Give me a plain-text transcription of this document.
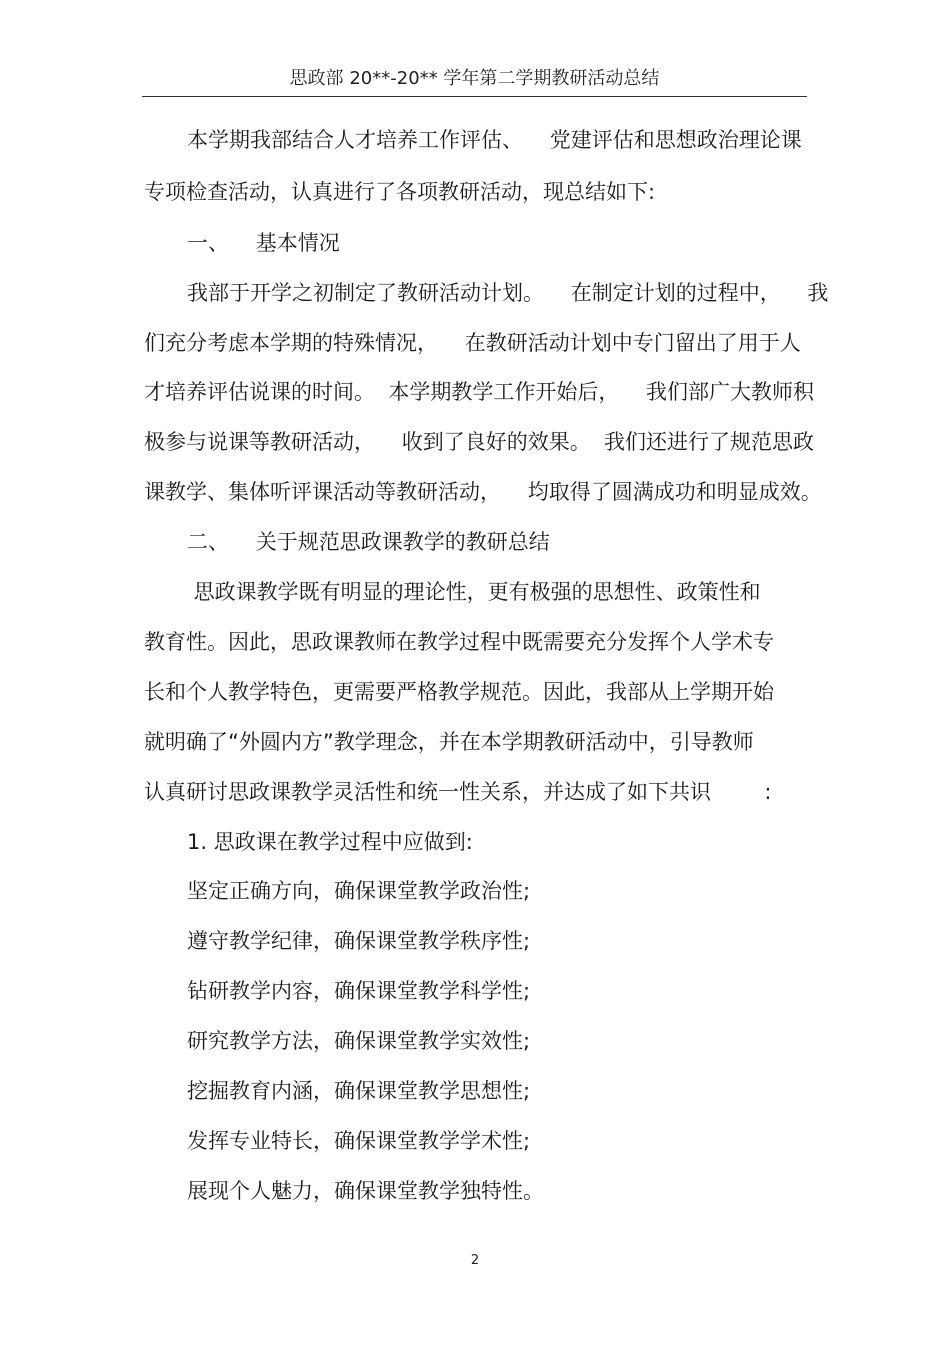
思政部 20**-20** 学年第二学期教研活动总结
本学期我部结合人才培养工作评估、    党建评估和思想政治理论课
专项检查活动，认真进行了各项教研活动，现总结如下:
一、    基本情况
我部于开学之初制定了教研活动计划。    在制定计划的过程中，    我
们充分考虑本学期的特殊情况，    在教研活动计划中专门留出了用于人
才培养评估说课的时间。  本学期教学工作开始后，    我们部广大教师积
极参与说课等教研活动，    收到了良好的效果。  我们还进行了规范思政
课教学、集体听评课活动等教研活动，    均取得了圆满成功和明显成效。
二、    关于规范思政课教学的教研总结
思政课教学既有明显的理论性，更有极强的思想性、政策性和
教育性。因此，思政课教师在教学过程中既需要充分发挥个人学术专
长和个人教学特色，更需要严格教学规范。因此，我部从上学期开始
就明确了“外圆内方”教学理念，并在本学期教研活动中，引导教师
认真研讨思政课教学灵活性和统一性关系，并达成了如下共识        :
1. 思政课在教学过程中应做到:
坚定正确方向，确保课堂教学政治性;
遵守教学纪律，确保课堂教学秩序性;
钻研教学内容，确保课堂教学科学性;
研究教学方法，确保课堂教学实效性;
挖掘教育内涵，确保课堂教学思想性;
发挥专业特长，确保课堂教学学术性;
展现个人魅力，确保课堂教学独特性。
2
